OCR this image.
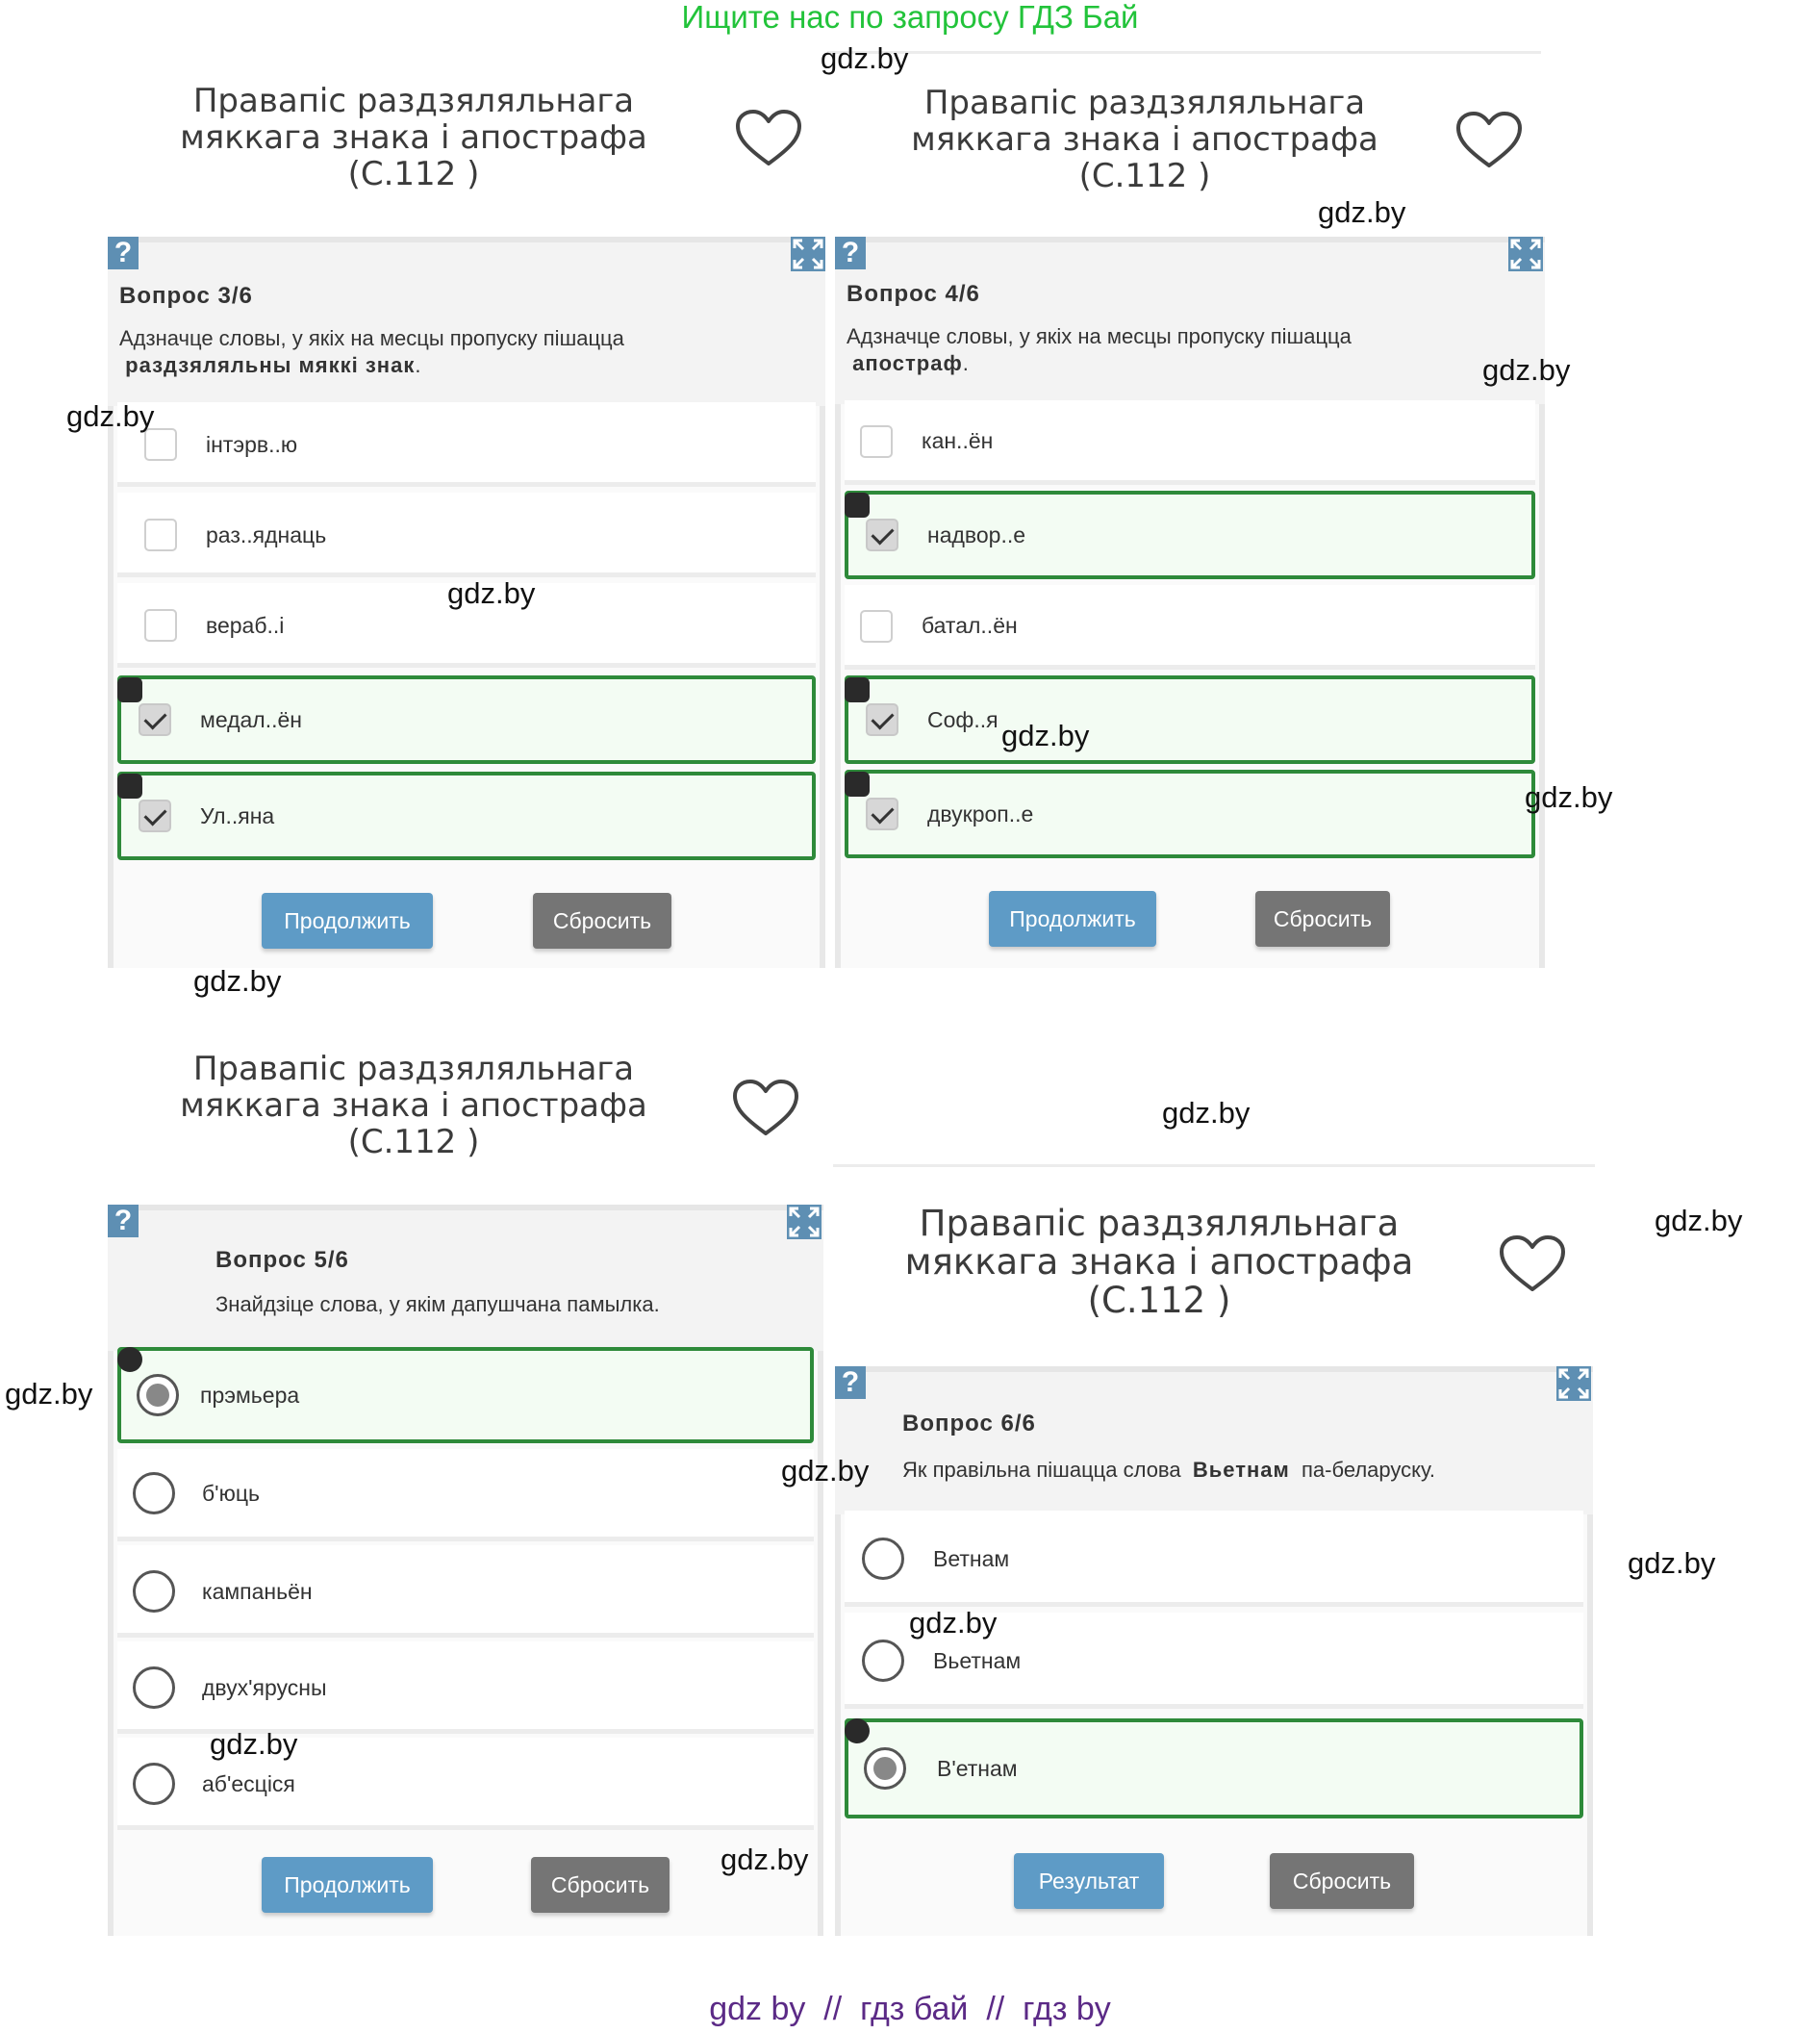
Ищите нас по запросу ГДЗ Бай
Правапіс раздзяляльнага
мяккага знака і апострафа
(С.112 )
?
Вопрос 3/6
Адзначце словы, у якіх на месцы пропуску пішацца
раздзяляльны мяккі знак.
інтэрв..ю
раз..яднаць
вераб..і
медал..ён
Ул..яна
Продолжить	Сбросить
Правапіс раздзяляльнага
мяккага знака і апострафа
(С.112 )
?
Вопрос 4/6
Адзначце словы, у якіх на месцы пропуску пішацца
апостраф.
кан..ён
надвор..е
батал..ён
Соф..я
двукроп..е
Продолжить	Сбросить
Правапіс раздзяляльнага
мяккага знака і апострафа
(С.112 )
?
Вопрос 5/6
Знайдзіце слова, у якім дапушчана памылка.
прэмьера
б'юць
кампаньён
двух'ярусны
аб'есціся
Продолжить	Сбросить
Правапіс раздзяляльнага
мяккага знака і апострафа
(С.112 )
?
Вопрос 6/6
Як правільна пішацца слова Вьетнам па-беларуску.
Ветнам
Вьетнам
В'етнам
Результат	Сбросить
gdz.by
gdz.by
gdz.by
gdz.by
gdz.by
gdz.by
gdz.by
gdz.by
gdz.by
gdz.by
gdz.by
gdz.by
gdz.by
gdz.by
gdz.by
gdz.by
gdz by  //  гдз бай  //  гдз by
